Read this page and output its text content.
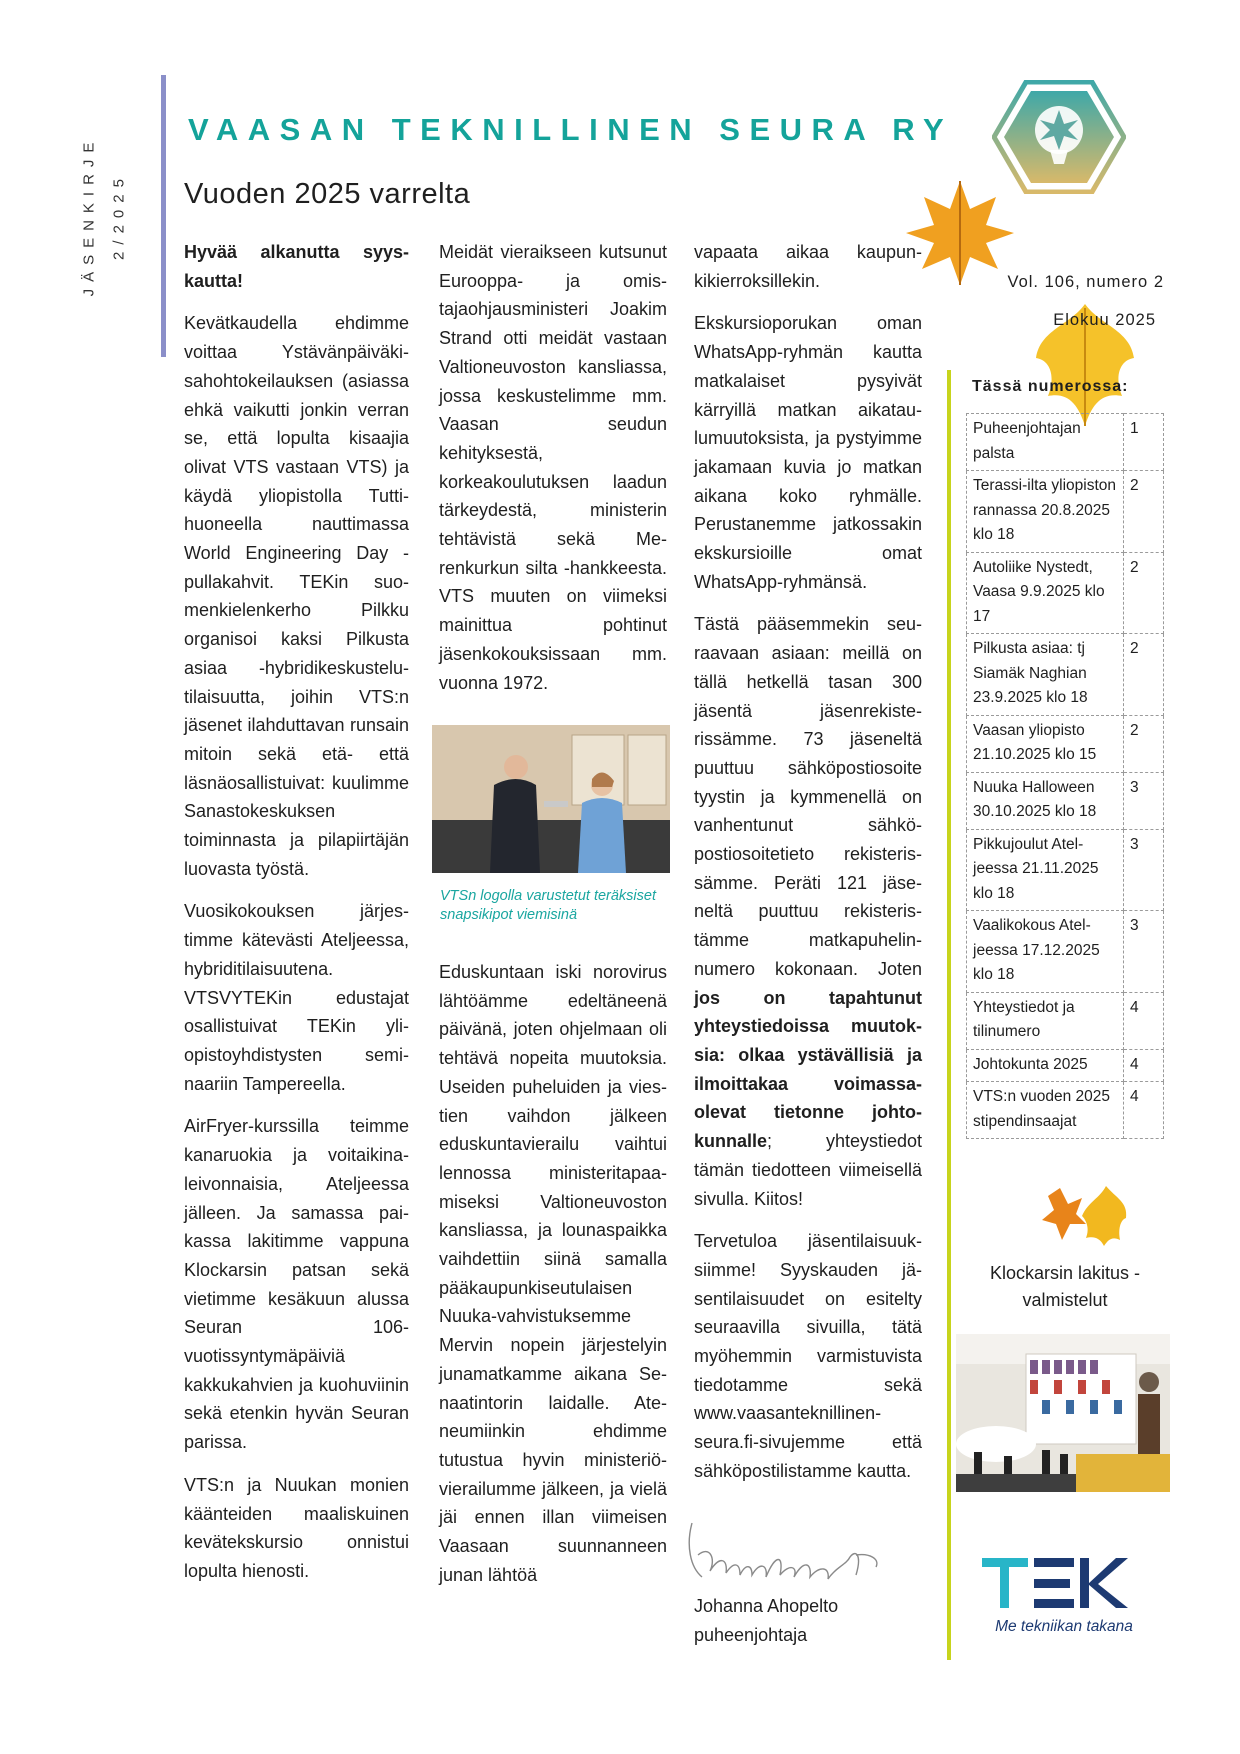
JÄSENKIRJE 2/2025
VAASAN TEKNILLINEN SEURA RY
Vuoden 2025 varrelta
Vol. 106, numero 2
Elokuu 2025

Hyvää alkanutta syyskautta!

Kevätkaudella ehdimme voittaa Ystävänpäiväkisahohtokeilauksen (asiassa ehkä vaikutti jonkin verran se, että lopulta kisaajia olivat VTS vastaan VTS) ja käydä yliopistolla Tuttihuoneella nauttimassa World Engineering Day -pullakahvit. TEKin suomenkielenkerho Pilkku organisoi kaksi Pilkusta asiaa -hybridikeskustelutilaisuutta, joihin VTS:n jäsenet ilahduttavan runsain mitoin sekä etä- että läsnäosallistuivat: kuulimme Sanastokeskuksen toiminnasta ja pilapiirtäjän luovasta työstä.

Vuosikokouksen järjestimme kätevästi Ateljeessa, hybriditilaisuutena. VTSVYTEKin edustajat osallistuivat TEKin yliopistoyhdistysten seminaariin Tampereella.

AirFryer-kurssilla teimme kanaruokia ja voitaikinaleivonnaisia, Ateljeessa jälleen. Ja samassa paikassa lakitimme vappuna Klockarsin patsan sekä vietimme kesäkuun alussa Seuran 106-vuotissyntymäpäiviä kakkukahvien ja kuohuviinin sekä etenkin hyvän Seuran parissa.

VTS:n ja Nuukan monien käänteiden maaliskuinen kevätekskursio onnistui lopulta hienosti.

Meidät vieraikseen kutsunut Eurooppa- ja omistajaohjausministeri Joakim Strand otti meidät vastaan Valtioneuvoston kansliassa, jossa keskustelimme mm. Vaasan seudun kehityksestä, korkeakoulutuksen laadun tärkeydestä, ministerin tehtävistä sekä Merenkurkun silta -hankkeesta. VTS muuten on viimeksi mainittua pohtinut jäsenkokouksissaan mm. vuonna 1972.

VTSn logolla varustetut teräksiset snapsikipot viemisinä

Eduskuntaan iski norovirus lähtöämme edeltäneenä päivänä, joten ohjelmaan oli tehtävä nopeita muutoksia. Useiden puheluiden ja viestien vaihdon jälkeen eduskuntavierailu vaihtui lennossa ministeritapaamiseksi Valtioneuvoston kansliassa, ja lounaspaikka vaihdettiin siinä samalla pääkaupunkiseutulaisen Nuuka-vahvistuksemme Mervin nopein järjestelyin junamatkamme aikana Senaatintorin laidalle. Ateneumiinkin ehdimme tutustua hyvin ministeriövierailumme jälkeen, ja vielä jäi ennen illan viimeisen Vaasaan suunnanneen junan lähtöä

vapaata aikaa kaupunkikierroksillekin.

Ekskursioporukan oman WhatsApp-ryhmän kautta matkalaiset pysyivät kärryillä matkan aikataulumuutoksista, ja pystyimme jakamaan kuvia jo matkan aikana koko ryhmälle. Perustanemme jatkossakin ekskursioille omat WhatsApp-ryhmänsä.

Tästä pääsemmekin seuraavaan asiaan: meillä on tällä hetkellä tasan 300 jäsentä jäsenrekisterissämme. 73 jäseneltä puuttuu sähköpostiosoite tyystin ja kymmenellä on vanhentunut sähköpostiosoitetieto rekisterissämme. Peräti 121 jäseneltä puuttuu rekisteristämme matkapuhelinnumero kokonaan. Joten jos on tapahtunut yhteystiedoissa muutoksia: olkaa ystävällisiä ja ilmoittakaa voimassaolevat tietonne johtokunnalle; yhteystiedot tämän tiedotteen viimeisellä sivulla. Kiitos!

Tervetuloa jäsentilaisuuksiimme! Syyskauden jäsentilaisuudet on esitelty seuraavilla sivuilla, tätä myöhemmin varmistuvista tiedotamme sekä www.vaasanteknillinenseura.fi-sivujemme että sähköpostilistamme kautta.

Johanna Ahopelto
puheenjohtaja
Tässä numerossa:
Puheenjohtajan palsta	1
Terassi-ilta yliopiston rannassa 20.8.2025 klo 18	2
Autoliike Nystedt, Vaasa 9.9.2025 klo 17	2
Pilkusta asiaa: tj Siamäk Naghian 23.9.2025 klo 18	2
Vaasan yliopisto 21.10.2025 klo 15	2
Nuuka Halloween 30.10.2025 klo 18	3
Pikkujoulut Ateljeessa 21.11.2025 klo 18	3
Vaalikokous Ateljeessa 17.12.2025 klo 18	3
Yhteystiedot ja tilinumero	4
Johtokunta 2025	4
VTS:n vuoden 2025 stipendinsaajat	4
Klockarsin lakitus - valmistelut
Me tekniikan takana
